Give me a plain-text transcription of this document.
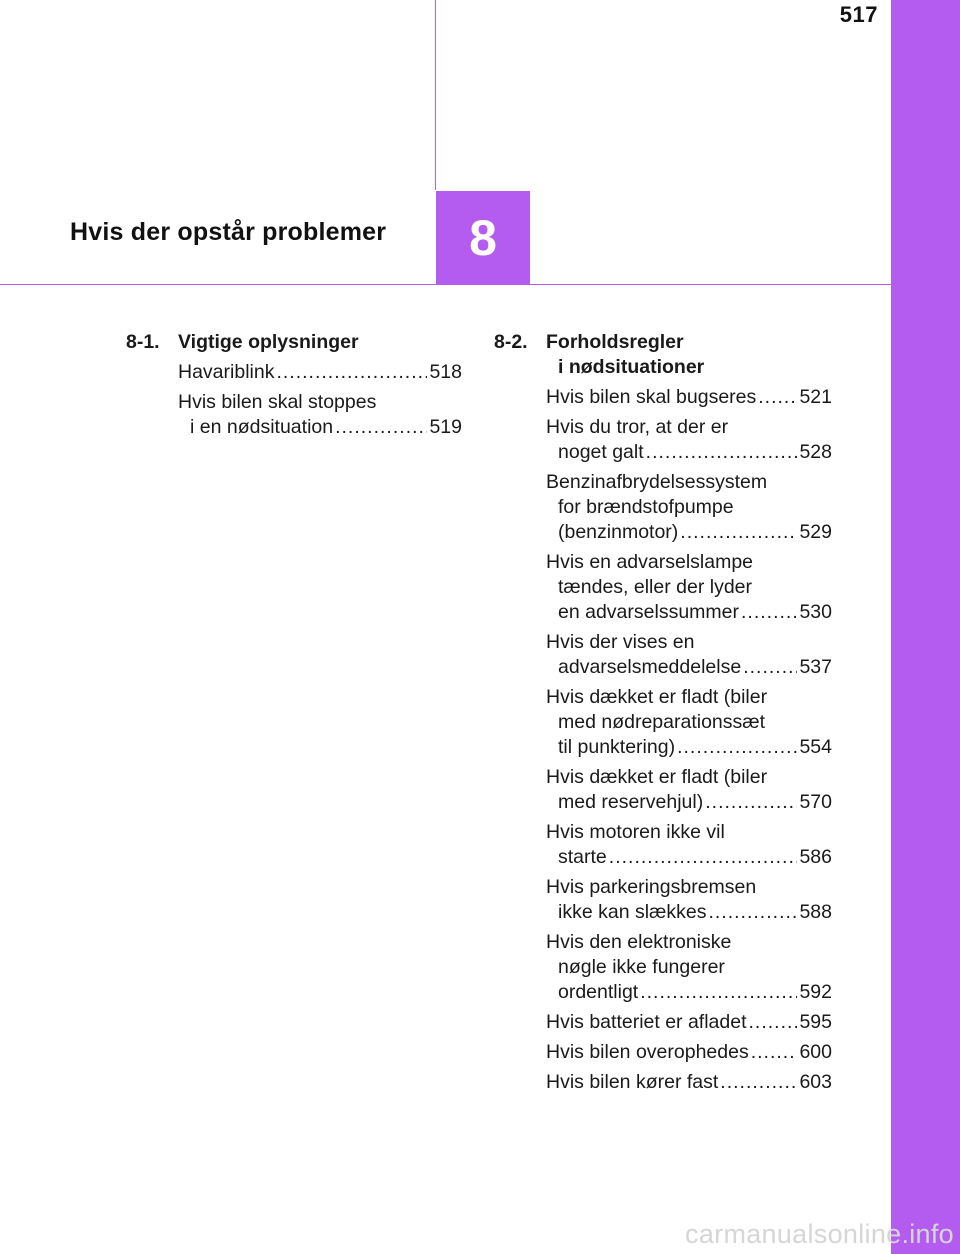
517
8
Hvis der opstår problemer
8-1. Vigtige oplysninger
Havariblink .....	518
Hvis bilen skal stoppes
i en nødsituation .....	519
8-2. Forholdsregler
i nødsituationer
Hvis bilen skal bugseres ..... 521
Hvis du tror, at der er
noget galt .....	528
Benzinafbrydelsessystem
for brændstofpumpe
(benzinmotor) .....	529
Hvis en advarselslampe
tændes, eller der lyder
en advarselssummer .....	530
Hvis der vises en
advarselsmeddelelse .....	537
Hvis dækket er fladt (biler
med nødreparationssæt
til punktering) .....	554
Hvis dækket er fladt (biler
med reservehjul) .....	570
Hvis motoren ikke vil
starte .....	586
Hvis parkeringsbremsen
ikke kan slækkes .....	588
Hvis den elektroniske
nøgle ikke fungerer
ordentligt .....	592
Hvis batteriet er afladet .....	595
Hvis bilen overophedes .....	600
Hvis bilen kører fast .....	603
carmanualsonline.info
